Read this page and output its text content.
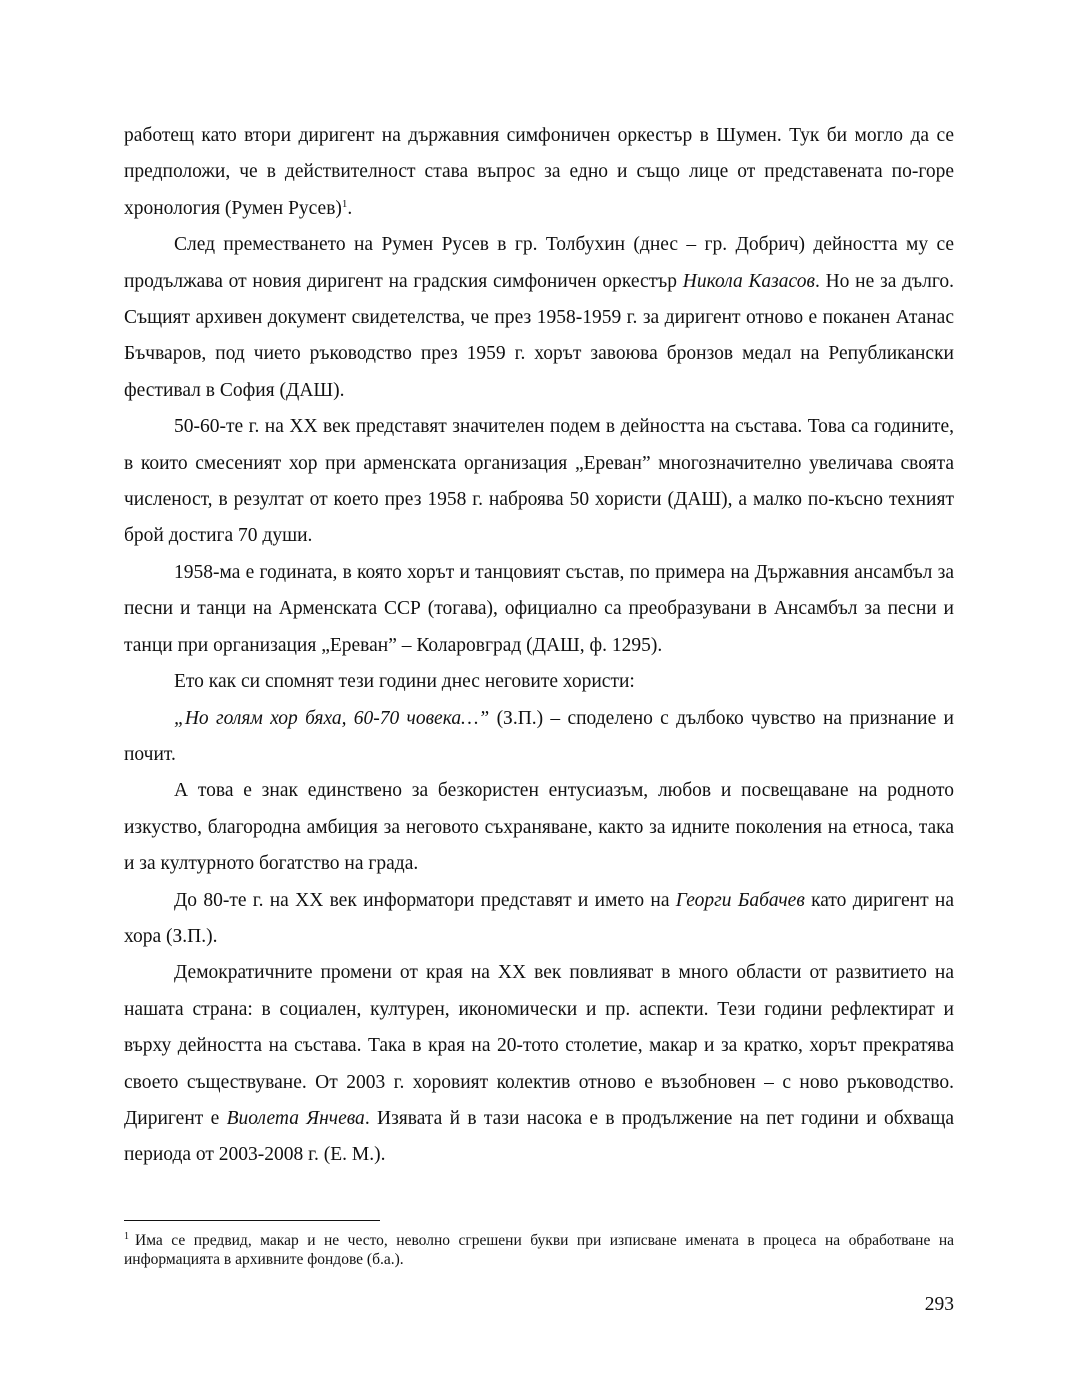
работещ като втори диригент на държавния симфоничен оркестър в Шумен. Тук би могло да се предположи, че в действителност става въпрос за едно и също лице от представената по-горе хронология (Румен Русев)$^1$.

След преместването на Румен Русев в гр. Толбухин (днес – гр. Добрич) дейността му се продължава от новия диригент на градския симфоничен оркестър Никола Казасов. Но не за дълго. Същият архивен документ свидетелства, че през 1958-1959 г. за диригент отново е поканен Атанас Бъчваров, под чието ръководство през 1959 г. хорът завоюва бронзов медал на Републикански фестивал в София (ДАШ).

50-60-те г. на ХХ век представят значителен подем в дейността на състава. Това са годините, в които смесеният хор при арменската организация „Ереван” многозначително увеличава своята численост, в резултат от което през 1958 г. наброява 50 хористи (ДАШ), а малко по-късно техният брой достига 70 души.

1958-ма е годината, в която хорът и танцовият състав, по примера на Държавния ансамбъл за песни и танци на Арменската ССР (тогава), официално са преобразувани в Ансамбъл за песни и танци при организация „Ереван” – Коларовград (ДАШ, ф. 1295).

Ето как си спомнят тези години днес неговите хористи:

„Но голям хор бяха, 60-70 човека…” (З.П.) – споделено с дълбоко чувство на признание и почит.

А това е знак единствено за безкористен ентусиазъм, любов и посвещаване на родното изкуство, благородна амбиция за неговото съхраняване, както за идните поколения на етноса, така и за културното богатство на града.

До 80-те г. на ХХ век информатори представят и името на Георги Бабачев като диригент на хора (З.П.).

Демократичните промени от края на ХХ век повлияват в много области от развитието на нашата страна: в социален, културен, икономически и пр. аспекти. Тези години рефлектират и върху дейността на състава. Така в края на 20-тото столетие, макар и за кратко, хорът прекратява своето съществуване. От 2003 г. хоровият колектив отново е възобновен – с ново ръководство. Диригент е Виолета Янчева. Изявата й в тази насока е в продължение на пет години и обхваща периода от 2003-2008 г. (Е. М.).

$^1$ Има се предвид, макар и не често, неволно сгрешени букви при изписване имената в процеса на обработване на информацията в архивните фондове (б.а.).

293
